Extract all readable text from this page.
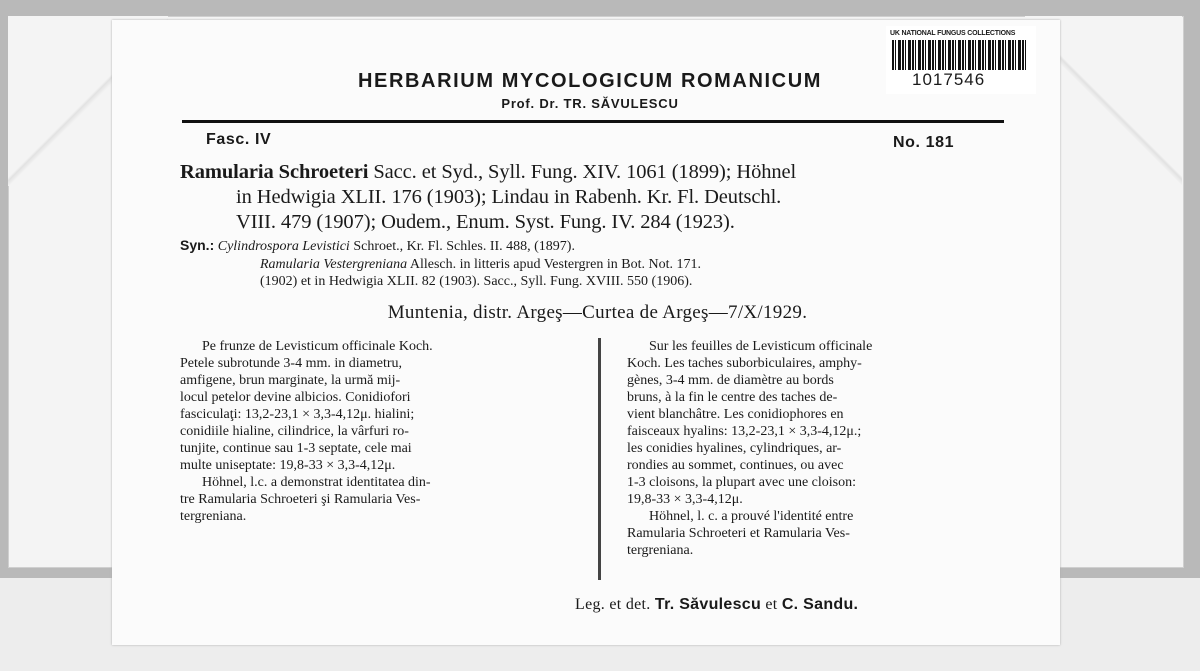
UK NATIONAL FUNGUS COLLECTIONS
1017546
HERBARIUM MYCOLOGICUM ROMANICUM
Prof. Dr. TR. SĂVULESCU
Fasc. IV	No. 181
Ramularia Schroeteri Sacc. et Syd., Syll. Fung. XIV. 1061 (1899); Höhnel
in Hedwigia XLII. 176 (1903); Lindau in Rabenh. Kr. Fl. Deutschl.
VIII. 479 (1907); Oudem., Enum. Syst. Fung. IV. 284 (1923).
Syn.: Cylindrospora Levistici Schroet., Kr. Fl. Schles. II. 488, (1897).
Ramularia Vestergreniana Allesch. in litteris apud Vestergren in Bot. Not. 171.
(1902) et in Hedwigia XLII. 82 (1903). Sacc., Syll. Fung. XVIII. 550 (1906).
Muntenia, distr. Argeş—Curtea de Argeş—7/X/1929.
Pe frunze de Levisticum officinale Koch.
Petele subrotunde 3-4 mm. in diametru,
amfigene, brun marginate, la urmă mij-
locul petelor devine albicios. Conidiofori
fasciculaţi: 13,2-23,1 × 3,3-4,12μ. hialini;
conidiile hialine, cilindrice, la vârfuri ro-
tunjite, continue sau 1-3 septate, cele mai
multe uniseptate: 19,8-33 × 3,3-4,12μ.
Höhnel, l.c. a demonstrat identitatea din-
tre Ramularia Schroeteri şi Ramularia Ves-
tergreniana.
Sur les feuilles de Levisticum officinale
Koch. Les taches suborbiculaires, amphy-
gènes, 3-4 mm. de diamètre au bords
bruns, à la fin le centre des taches de-
vient blanchâtre. Les conidiophores en
faisceaux hyalins: 13,2-23,1 × 3,3-4,12μ.;
les conidies hyalines, cylindriques, ar-
rondies au sommet, continues, ou avec
1-3 cloisons, la plupart avec une cloison:
19,8-33 × 3,3-4,12μ.
Höhnel, l. c. a prouvé l'identité entre
Ramularia Schroeteri et Ramularia Ves-
tergreniana.
Leg. et det. Tr. Săvulescu et C. Sandu.
